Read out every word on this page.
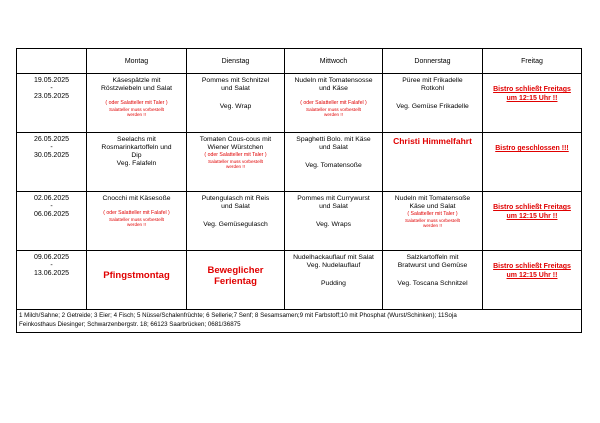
	Montag	Dienstag	Mittwoch	Donnerstag	Freitag

19.05.2025
-
23.05.2025	Käsespätzle mit
Röstzwiebeln und Salat
( oder Salatteller mit Taler )
Salatteller muss vorbestellt
werden !!	Pommes mit Schnitzel
und Salat
Veg. Wrap	Nudeln mit Tomatensosse
und Käse
( oder Salatteller mit Falafel )
Salatteller muss vorbestellt
werden !!	Püree mit Frikadelle
Rotkohl
Veg. Gemüse Frikadelle	Bistro schließt Freitags
um 12:15 Uhr !!

26.05.2025
-
30.05.2025	Seelachs mit
Rosmarinkartoffeln und
Dip
Veg. Falafeln	Tomaten Cous-cous mit
Wiener Würstchen
( oder Salatteller mit Taler )
Salatteller muss vorbestellt
werden !!	Spaghetti Bolo. mit Käse
und Salat
Veg. Tomatensoße	Christi Himmelfahrt	Bistro geschlossen !!!

02.06.2025
-
06.06.2025	Cnocchi mit Käsesoße
( oder Salatteller mit Falafel )
Salatteller muss vorbestellt
werden !!	Putengulasch mit Reis
und Salat
Veg. Gemüsegulasch	Pommes mit Currywurst
und Salat
Veg. Wraps	Nudeln mit Tomatensoße
Käse und Salat
( Salatteller mit Taler )
Salatteller muss vorbestellt
werden !!	Bistro schließt Freitags
um 12:15 Uhr !!

09.06.2025
-
13.06.2025	Pfingstmontag	Beweglicher
Ferientag	Nudelhackauflauf mit Salat
Veg. Nudelauflauf
Pudding	Salzkartoffeln mit
Bratwurst und Gemüse
Veg. Toscana Schnitzel	Bistro schließt Freitags
um 12:15 Uhr !!

1 Milch/Sahne; 2 Getreide; 3 Eier; 4 Fisch; 5 Nüsse/Schalenfrüchte; 6 Sellerie;7 Senf; 8 Sesamsamen;9 mit Farbstoff;10 mit Phosphat (Wurst/Schinken); 11Soja
Feinkosthaus Diesinger; Schwarzenbergstr. 18; 66123 Saarbrücken; 0681/36875					
